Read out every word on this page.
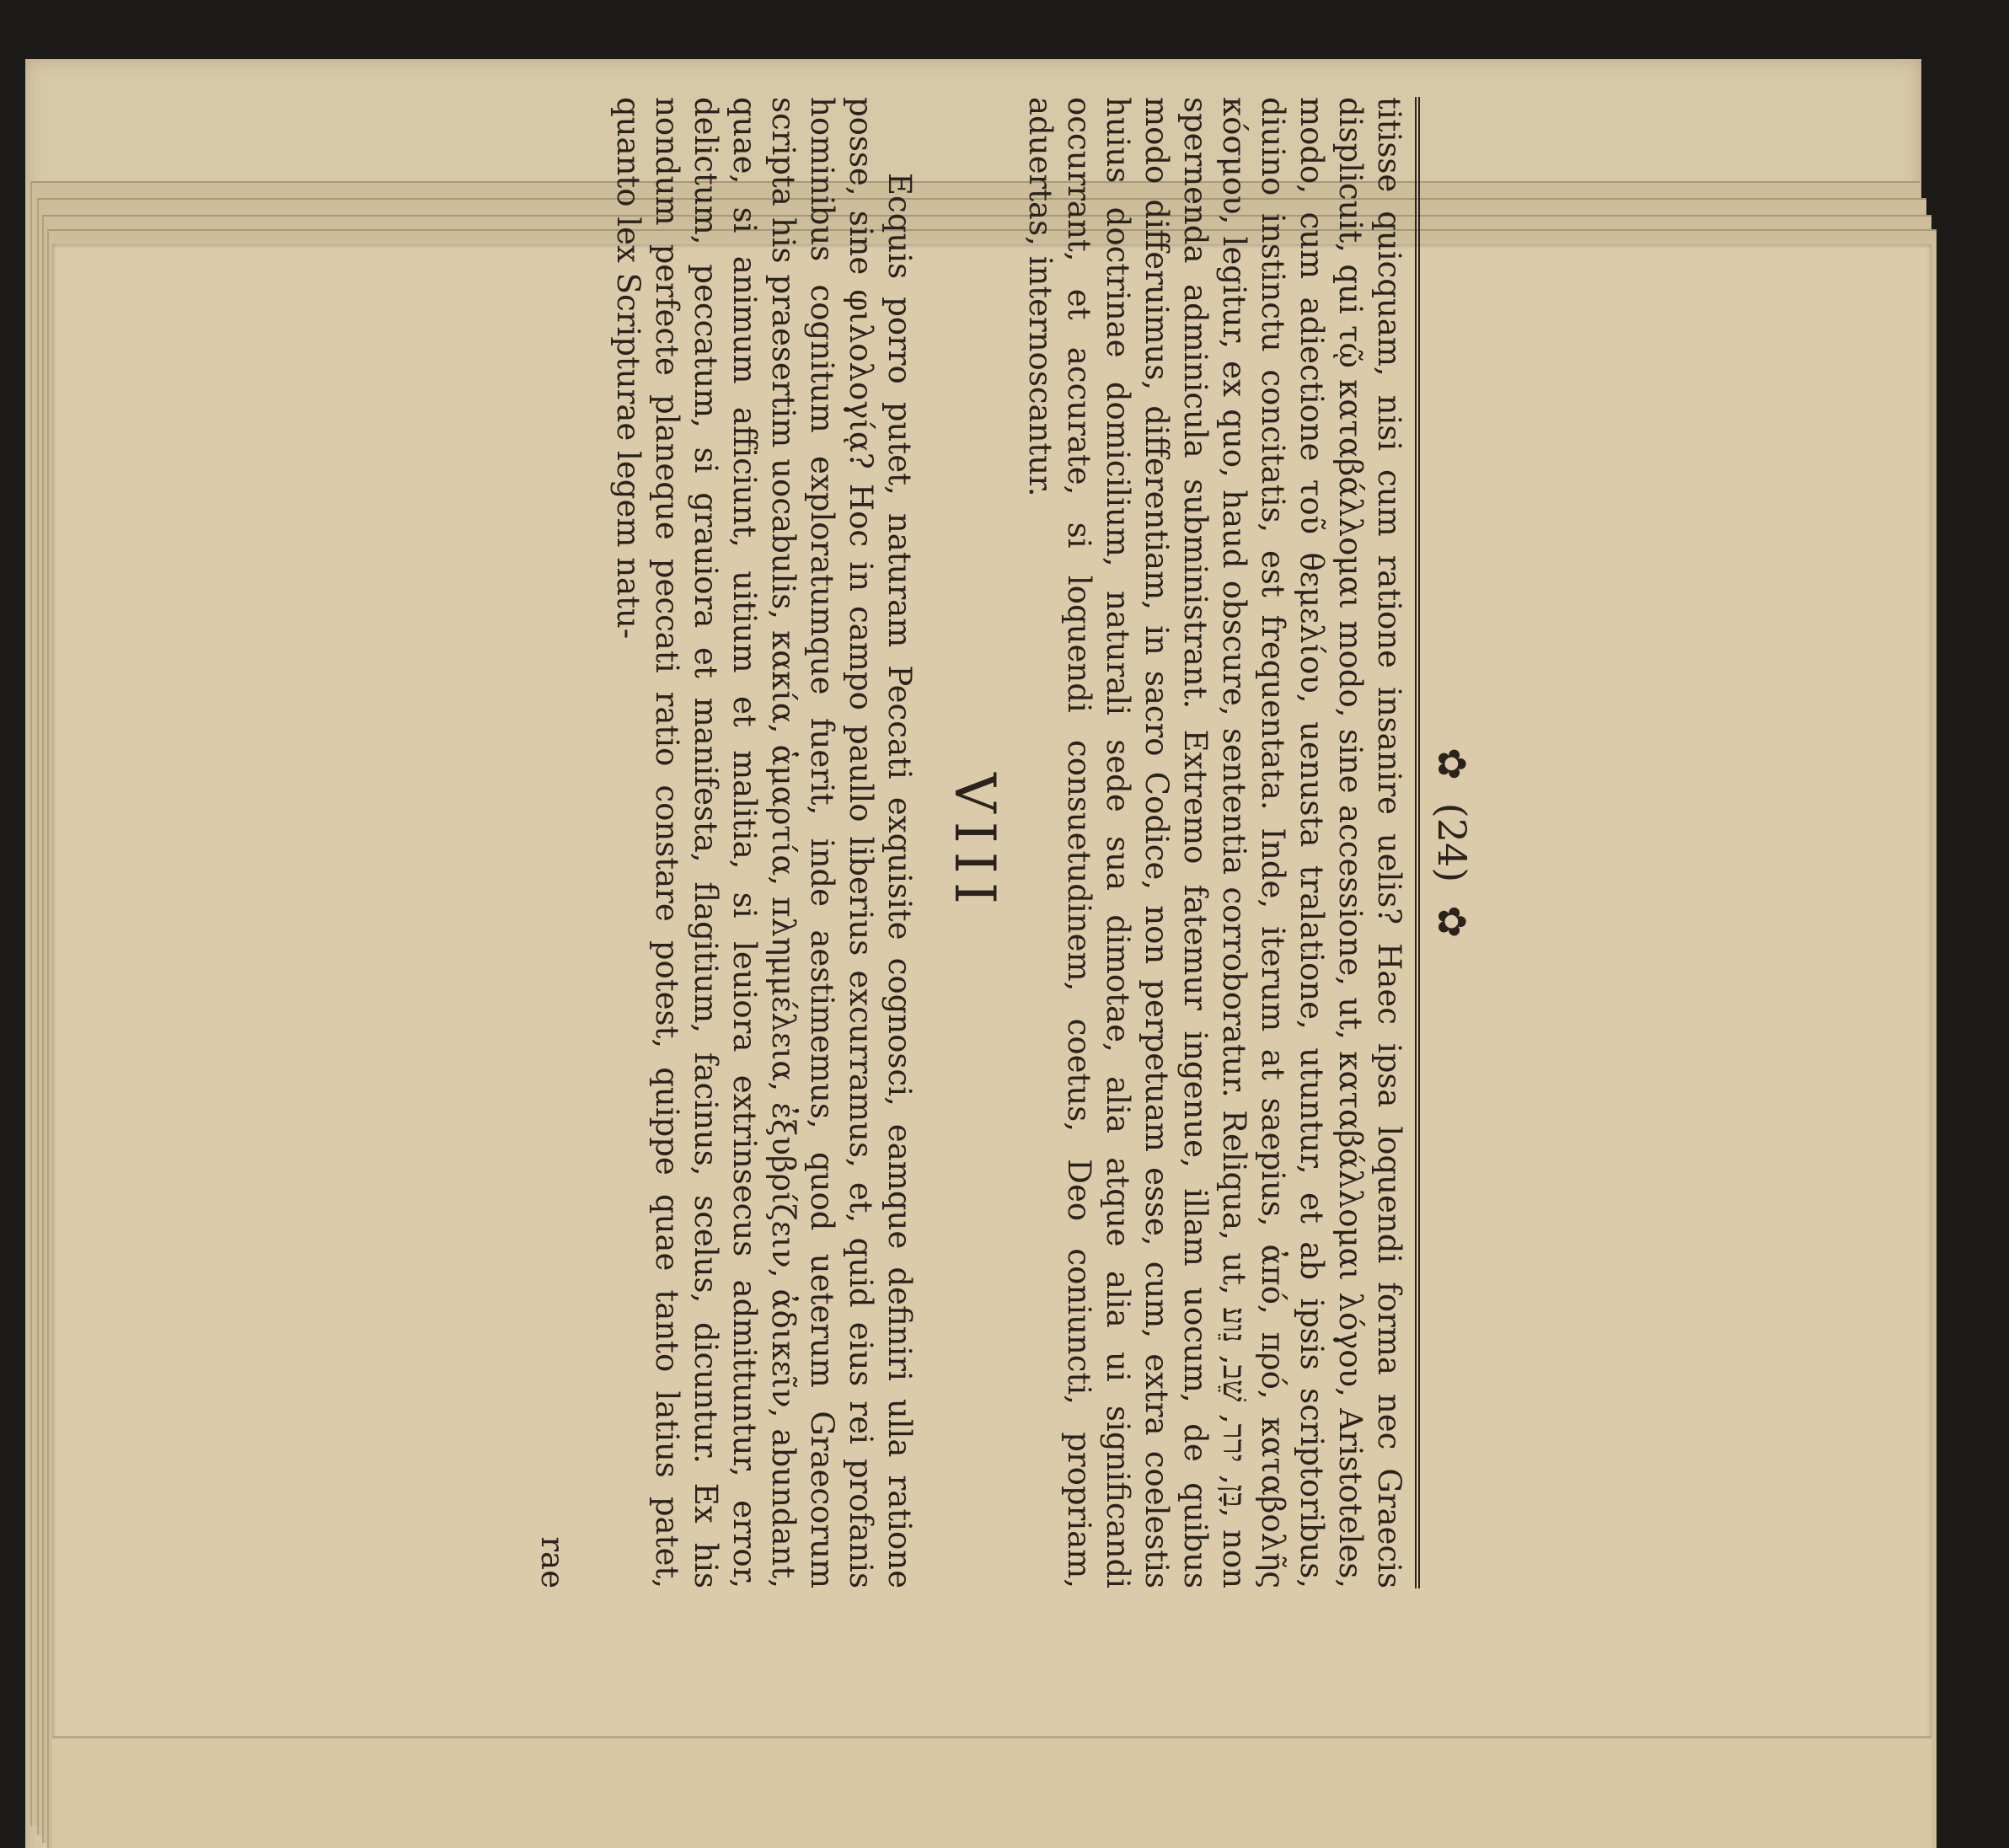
✿ (24) ✿
titisse quicquam, nisi cum ratione insanire uelis? Haec ipsa loquendi forma nec Graecis displicuit, qui τῷ καταβάλλομαι modo, sine accessione, ut, καταβάλλομαι λόγου, Aristoteles, modo, cum adiectione τοῦ θεμελίου, uenusta tralatione, utuntur, et ab ipsis scriptoribus, diuino instinctu concitatis, est frequentata. Inde, iterum at saepius, ἀπό, πρό, καταβολῆς κόσμου, legitur, ex quo, haud obscure, sententia corroboratur. Reliqua, ut, בָּן, ירר, שֵׁב, נֵוע, non spernenda adminicula subministrant. Extremo fatemur ingenue, illam uocum, de quibus modo differuimus, differentiam, in sacro Codice, non perpetuam esse, cum, extra coelestis huius doctrinae domicilium, naturali sede sua dimotae, alia atque alia ui significandi occurrant, et accurate, si loquendi consuetudinem, coetus, Deo coniuncti, propriam, aduertas, internoscantur.
VIII
Ecquis porro putet, naturam Peccati exquisite cognosci, eamque definiri ulla ratione posse, sine φιλολογίᾳ? Hoc in campo paullo liberius excurramus, et, quid eius rei profanis hominibus cognitum exploratumque fuerit, inde aestimemus, quod ueterum Graecorum scripta his praesertim uocabulis, κακία, ἁμαρτία, πλημμέλεια, ἐξυβρίζειν, ἀδικεῖν, abundant, quae, si animum afficiunt, uitium et malitia, si leuiora extrinsecus admittuntur, error, delictum, peccatum, si grauiora et manifesta, flagitium, facinus, scelus, dicuntur. Ex his nondum perfecte planeque peccati ratio constare potest, quippe quae tanto latius patet, quanto lex Scripturae legem natu-
rae
